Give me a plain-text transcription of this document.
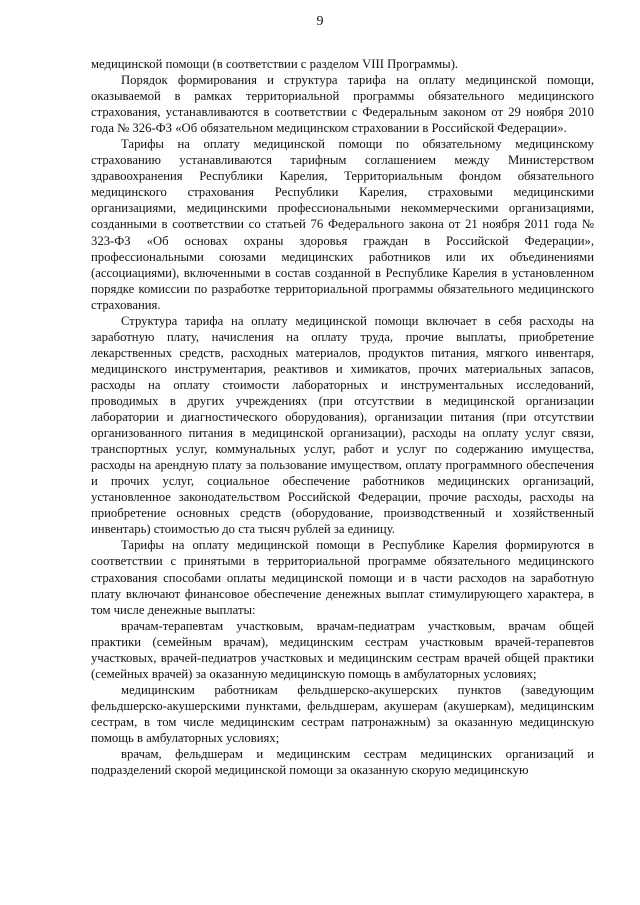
9

медицинской помощи (в соответствии с разделом VIII Программы).

Порядок формирования и структура тарифа на оплату медицинской помощи, оказываемой в рамках территориальной программы обязательного медицинского страхования, устанавливаются в соответствии с Федеральным законом от 29 ноября 2010 года № 326-ФЗ «Об обязательном медицинском страховании в Российской Федерации».

Тарифы на оплату медицинской помощи по обязательному медицинскому страхованию устанавливаются тарифным соглашением между Министерством здравоохранения Республики Карелия, Территориальным фондом обязательного медицинского страхования Республики Карелия, страховыми медицинскими организациями, медицинскими профессиональными некоммерческими организациями, созданными в соответствии со статьей 76 Федерального закона от 21 ноября 2011 года № 323-ФЗ «Об основах охраны здоровья граждан в Российской Федерации», профессиональными союзами медицинских работников или их объединениями (ассоциациями), включенными в состав созданной в Республике Карелия в установленном порядке комиссии по разработке территориальной программы обязательного медицинского страхования.

Структура тарифа на оплату медицинской помощи включает в себя расходы на заработную плату, начисления на оплату труда, прочие выплаты, приобретение лекарственных средств, расходных материалов, продуктов питания, мягкого инвентаря, медицинского инструментария, реактивов и химикатов, прочих материальных запасов, расходы на оплату стоимости лабораторных и инструментальных исследований, проводимых в других учреждениях (при отсутствии в медицинской организации лаборатории и диагностического оборудования), организации питания (при отсутствии организованного питания в медицинской организации), расходы на оплату услуг связи, транспортных услуг, коммунальных услуг, работ и услуг по содержанию имущества, расходы на арендную плату за пользование имуществом, оплату программного обеспечения и прочих услуг, социальное обеспечение работников медицинских организаций, установленное законодательством Российской Федерации, прочие расходы, расходы на приобретение основных средств (оборудование, производственный и хозяйственный инвентарь) стоимостью до ста тысяч рублей за единицу.

Тарифы на оплату медицинской помощи в Республике Карелия формируются в соответствии с принятыми в территориальной программе обязательного медицинского страхования способами оплаты медицинской помощи и в части расходов на заработную плату включают финансовое обеспечение денежных выплат стимулирующего характера, в том числе денежные выплаты:

врачам-терапевтам участковым, врачам-педиатрам участковым, врачам общей практики (семейным врачам), медицинским сестрам участковым врачей-терапевтов участковых, врачей-педиатров участковых и медицинским сестрам врачей общей практики (семейных врачей) за оказанную медицинскую помощь в амбулаторных условиях;

медицинским работникам фельдшерско-акушерских пунктов (заведующим фельдшерско-акушерскими пунктами, фельдшерам, акушерам (акушеркам), медицинским сестрам, в том числе медицинским сестрам патронажным) за оказанную медицинскую помощь в амбулаторных условиях;

врачам, фельдшерам и медицинским сестрам медицинских организаций и подразделений скорой медицинской помощи за оказанную скорую медицинскую
